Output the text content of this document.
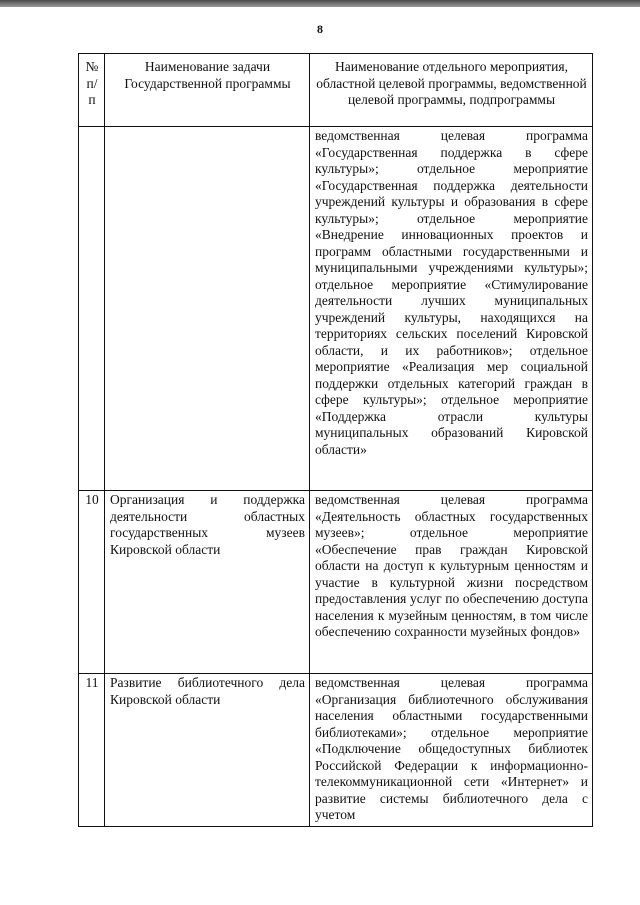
8
№ п/п	Наименование задачи Государственной программы	Наименование отдельного мероприятия, областной целевой программы, ведомственной целевой программы, подпрограммы
		ведомственная целевая программа «Государственная поддержка в сфере культуры»; отдельное мероприятие «Государственная поддержка деятельности учреждений культуры и образования в сфере культуры»; отдельное мероприятие «Внедрение инновационных проектов и программ областными государственными и муниципальными учреждениями культуры»; отдельное мероприятие «Стимулирование деятельности лучших муниципальных учреждений культуры, находящихся на территориях сельских поселений Кировской области, и их работников»; отдельное мероприятие «Реализация мер социальной поддержки отдельных категорий граждан в сфере культуры»; отдельное мероприятие «Поддержка отрасли культуры муниципальных образований Кировской области»
10	Организация и поддержка деятельности областных государственных музеев Кировской области	ведомственная целевая программа «Деятельность областных государственных музеев»; отдельное мероприятие «Обеспечение прав граждан Кировской области на доступ к культурным ценностям и участие в культурной жизни посредством предоставления услуг по обеспечению доступа населения к музейным ценностям, в том числе обеспечению сохранности музейных фондов»
11	Развитие библиотечного дела Кировской области	ведомственная целевая программа «Организация библиотечного обслуживания населения областными государственными библиотеками»; отдельное мероприятие «Подключение общедоступных библиотек Российской Федерации к информационно-телекоммуникационной сети «Интернет» и развитие системы библиотечного дела с учетом
